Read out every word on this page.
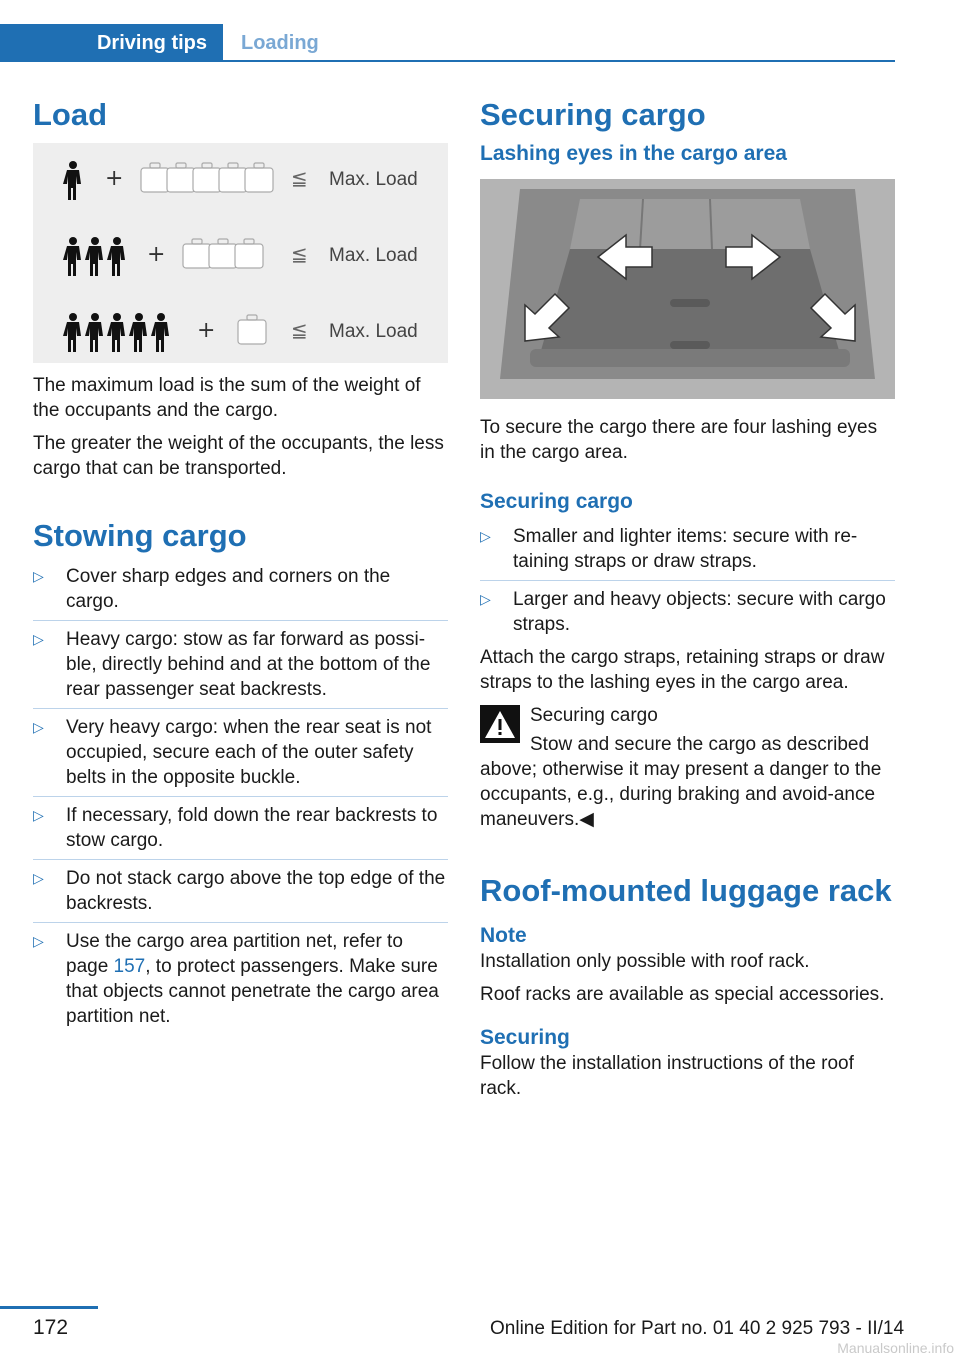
Driving tips	Loading
Load
+	≦ Max. Load
+	≦ Max. Load
+	≦ Max. Load

The maximum load is the sum of the weight of the occupants and the cargo.

The greater the weight of the occupants, the less cargo that can be transported.

Stowing cargo
▷ Cover sharp edges and corners on the cargo.
▷ Heavy cargo: stow as far forward as possi‐ble, directly behind and at the bottom of the rear passenger seat backrests.
▷ Very heavy cargo: when the rear seat is not occupied, secure each of the outer safety belts in the opposite buckle.
▷ If necessary, fold down the rear backrests to stow cargo.
▷ Do not stack cargo above the top edge of the backrests.
▷ Use the cargo area partition net, refer to page 157, to protect passengers. Make sure that objects cannot penetrate the cargo area partition net.
Securing cargo
Lashing eyes in the cargo area

To secure the cargo there are four lashing eyes in the cargo area.

Securing cargo
▷ Smaller and lighter items: secure with re‐taining straps or draw straps.
▷ Larger and heavy objects: secure with cargo straps.

Attach the cargo straps, retaining straps or draw straps to the lashing eyes in the cargo area.

Securing cargo

Stow and secure the cargo as described above; otherwise it may present a danger to the occupants, e.g., during braking and avoid‐ance maneuvers.◀

Roof-mounted luggage rack
Note

Installation only possible with roof rack.

Roof racks are available as special accessories.

Securing

Follow the installation instructions of the roof rack.

172	Online Edition for Part no. 01 40 2 925 793 - II/14
Manualsonline.info
